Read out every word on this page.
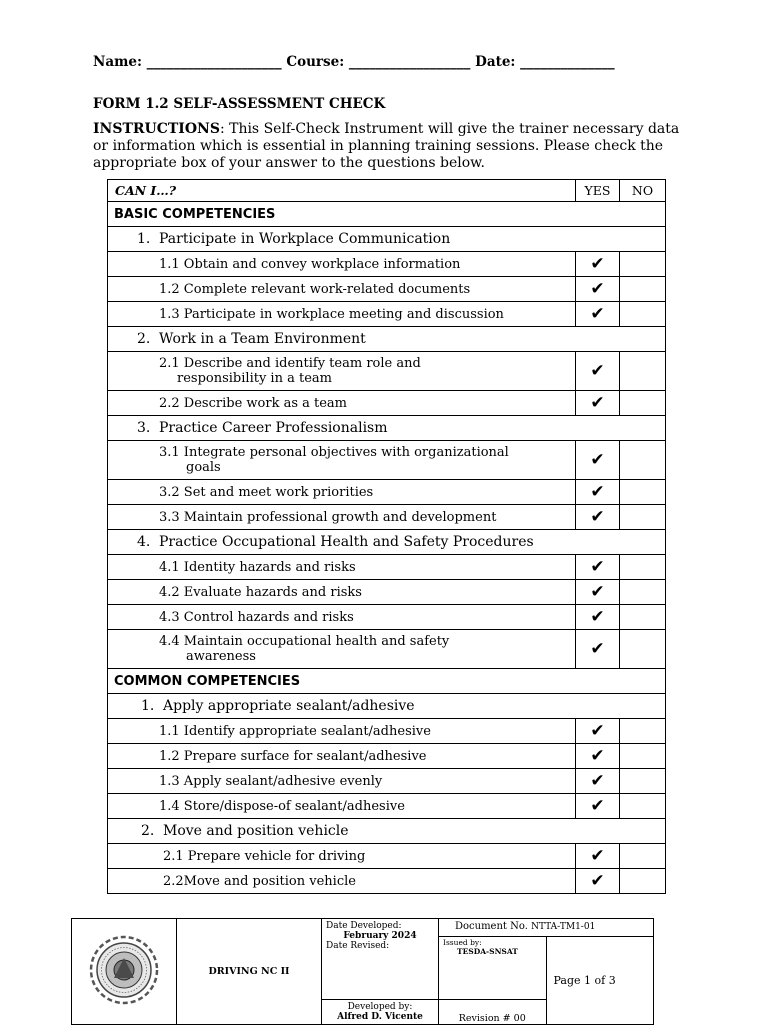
Name: ____________________ Course: __________________ Date: ______________
FORM 1.2 SELF-ASSESSMENT CHECK
INSTRUCTIONS: This Self-Check Instrument will give the trainer necessary data or information which is essential in planning training sessions. Please check the appropriate box of your answer to the questions below.
CAN I…?	YES	NO
BASIC COMPETENCIES		
1. Participate in Workplace Communication		
1.1 Obtain and convey workplace information	✔	
1.2 Complete relevant work-related documents	✔	
1.3 Participate in workplace meeting and discussion	✔	
2. Work in a Team Environment		
2.1 Describe and identify team role and
responsibility in a team	✔	
2.2 Describe work as a team	✔	
3. Practice Career Professionalism		
3.1 Integrate personal objectives with organizational
goals	✔	
3.2 Set and meet work priorities	✔	
3.3 Maintain professional growth and development	✔	
4. Practice Occupational Health and Safety Procedures		
4.1 Identity hazards and risks	✔	
4.2 Evaluate hazards and risks	✔	
4.3 Control hazards and risks	✔	
4.4 Maintain occupational health and safety
awareness	✔	
COMMON COMPETENCIES		
1. Apply appropriate sealant/adhesive		
1.1 Identify appropriate sealant/adhesive	✔	
1.2 Prepare surface for sealant/adhesive	✔	
1.3 Apply sealant/adhesive evenly	✔	
1.4 Store/dispose-of sealant/adhesive	✔	
2. Move and position vehicle		
2.1 Prepare vehicle for driving	✔	
2.2Move and position vehicle	✔	
	DRIVING NC II	Date Developed:
February 2024
Date Revised:	Document No. NTTA-TM1-01	

			Issued by:
TESDA-SNSAT	Page 1 of 3

		Developed by:
Alfred D. Vicente	Revision # 00	
